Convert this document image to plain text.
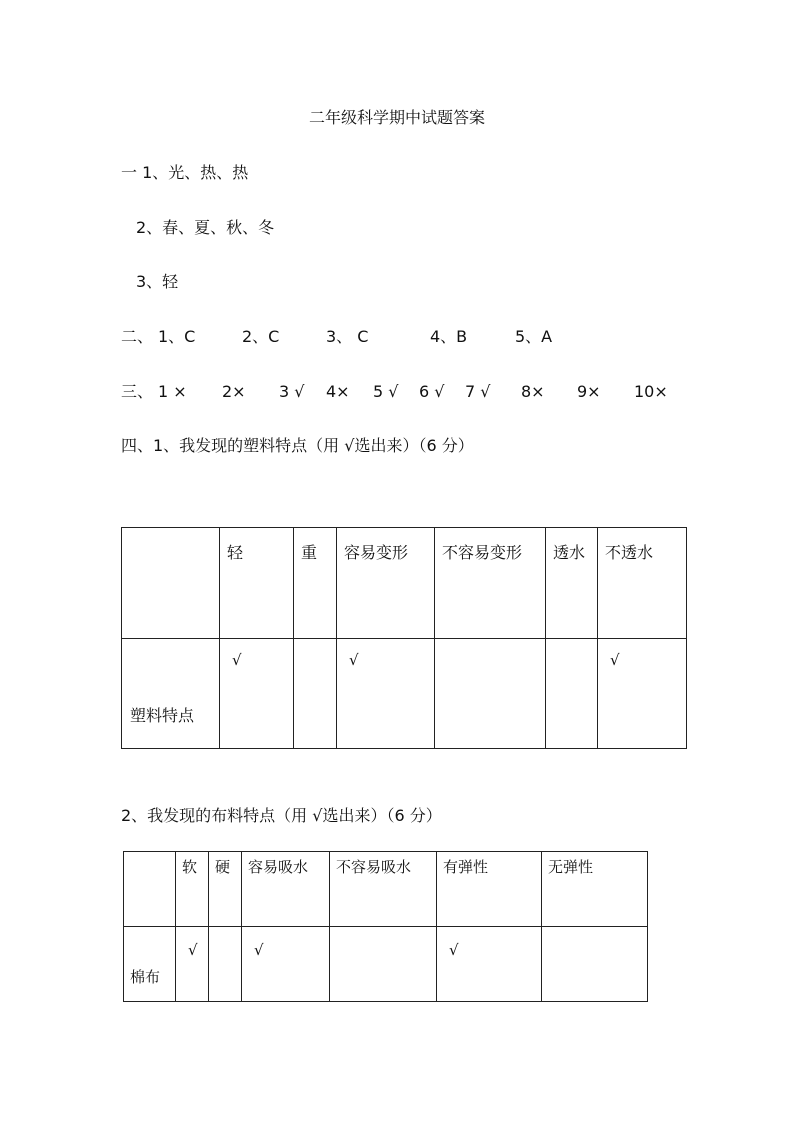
二年级科学期中试题答案
一 1、光、热、热
2、春、夏、秋、冬
3、轻
二、 1、C	2、C	3、 C	4、B	5、A
三、 1 × 2× 3 √ 4× 5 √ 6 √ 7 √ 8× 9× 10×
四、1、我发现的塑料特点（用 √选出来）（6 分）

	轻	重	容易变形	不容易变形	透水	不透水

塑料特点	√		√			√
2、我发现的布料特点（用 √选出来）（6 分）

	软	硬	容易吸水	不容易吸水	有弹性	无弹性

棉布	√		√		√	
